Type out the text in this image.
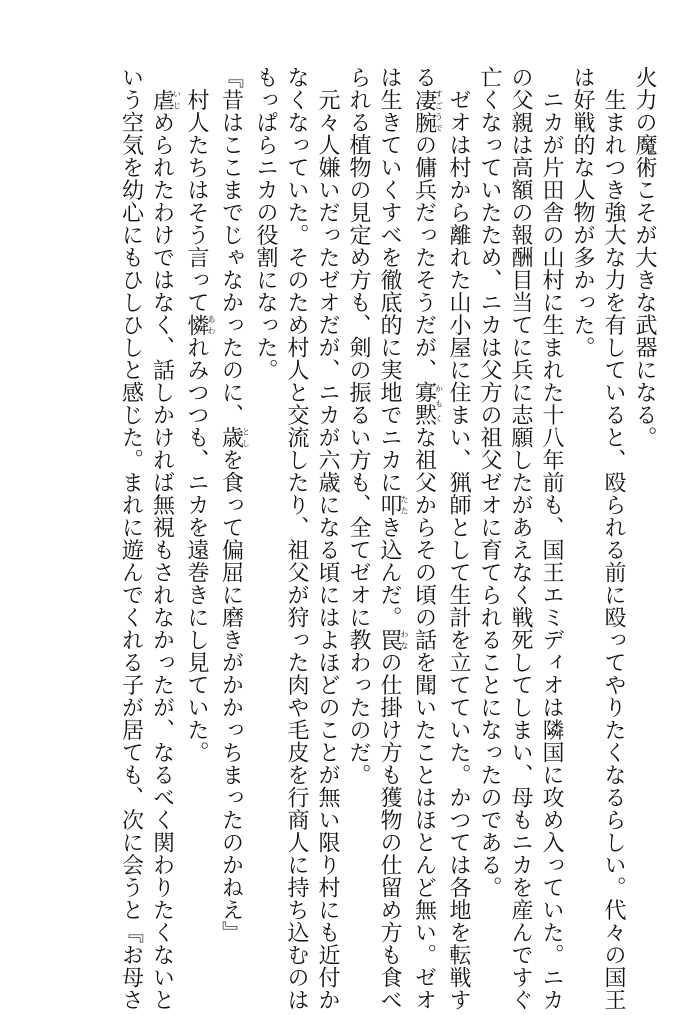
火力の魔術こそが大きな武器になる。
　生まれつき強大な力を有していると、殴られる前に殴ってやりたくなるらしい。代々の国王
は好戦的な人物が多かった。
　ニカが片田舎の山村に生まれた十八年前も、国王エミディオは隣国に攻め入っていた。ニカ
の父親は高額の報酬目当てに兵に志願したがあえなく戦死してしまい、母もニカを産んですぐ
亡くなっていたため、ニカは父方の祖父ゼオに育てられることになったのである。
　ゼオは村から離れた山小屋に住まい、猟師として生計を立てていた。かつては各地を転戦す
る凄腕すごうでの傭兵だったそうだが、寡黙かもくな祖父からその頃の話を聞いたことはほとんど無い。ゼオ
は生きていくすべを徹底的に実地でニカに叩たたき込んだ。罠わなの仕掛け方も獲物の仕留め方も食べ
られる植物の見定め方も、剣の振るい方も、全てゼオに教わったのだ。
　元々人嫌いだったゼオだが、ニカが六歳になる頃にはよほどのことが無い限り村にも近付か
なくなっていた。そのため村人と交流したり、祖父が狩った肉や毛皮を行商人に持ち込むのは
もっぱらニカの役割になった。
『昔はここまでじゃなかったのに、歳としを食って偏屈に磨きがかかっちまったのかねえ』
　村人たちはそう言って憐あわれみつつも、ニカを遠巻きにし見ていた。
　虐いじめられたわけではなく、話しかければ無視もされなかったが、なるべく関わりたくないと
いう空気を幼心にもひしひしと感じた。まれに遊んでくれる子が居ても、次に会うと『お母さ
